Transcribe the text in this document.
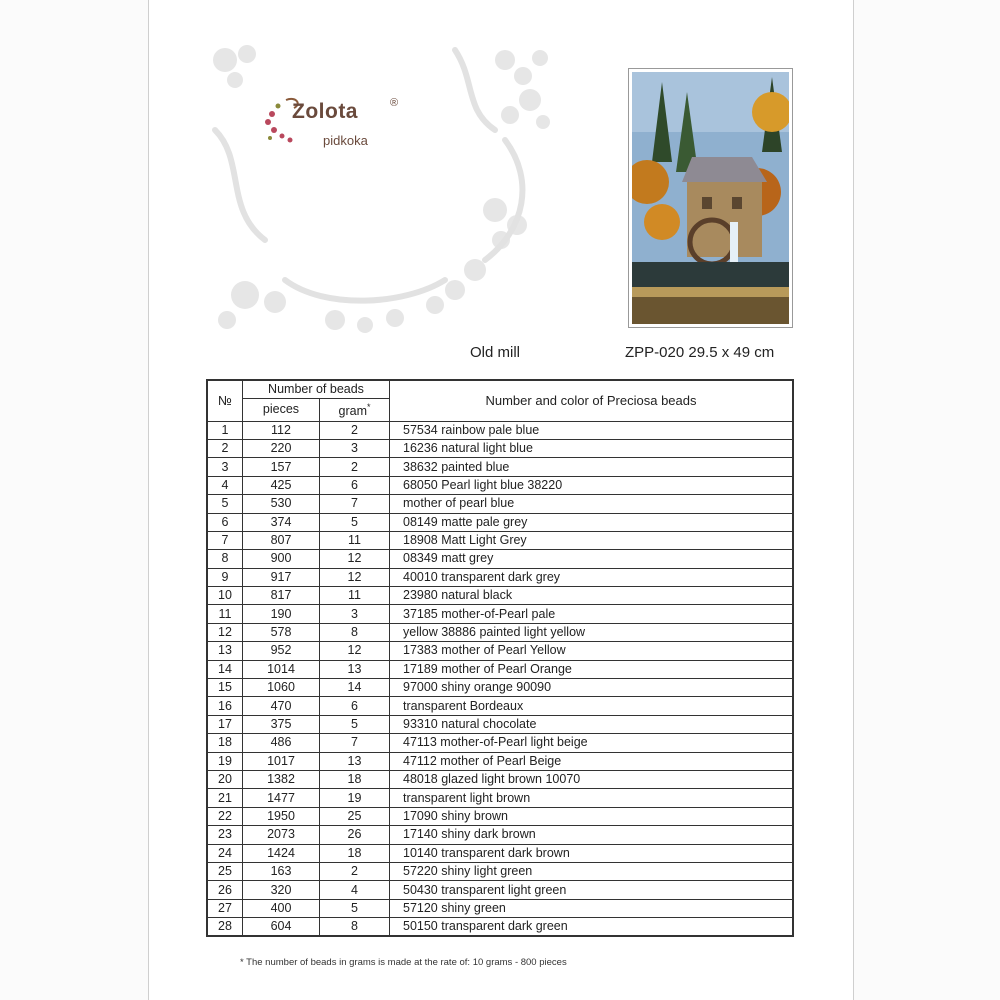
Zolota	®
pidkoka
Old mill	ZPP-020 29.5 x 49 cm
№	Number of beads		Number and color of Preciosa beads
	pieces	gram*
1	112	2	57534 rainbow pale blue
2	220	3	16236 natural light blue
3	157	2	38632 painted blue
4	425	6	68050 Pearl light blue 38220
5	530	7	mother of pearl blue
6	374	5	08149 matte pale grey
7	807	11	18908 Matt Light Grey
8	900	12	08349 matt grey
9	917	12	40010 transparent dark grey
10	817	11	23980 natural black
11	190	3	37185 mother-of-Pearl pale
12	578	8	yellow 38886 painted light yellow
13	952	12	17383 mother of Pearl Yellow
14	1014	13	17189 mother of Pearl Orange
15	1060	14	97000 shiny orange 90090
16	470	6	transparent Bordeaux
17	375	5	93310 natural chocolate
18	486	7	47113 mother-of-Pearl light beige
19	1017	13	47112 mother of Pearl Beige
20	1382	18	48018 glazed light brown 10070
21	1477	19	transparent light brown
22	1950	25	17090 shiny brown
23	2073	26	17140 shiny dark brown
24	1424	18	10140 transparent dark brown
25	163	2	57220 shiny light green
26	320	4	50430 transparent light green
27	400	5	57120 shiny green
28	604	8	50150 transparent dark green
* The number of beads in grams is made at the rate of: 10 grams - 800 pieces
